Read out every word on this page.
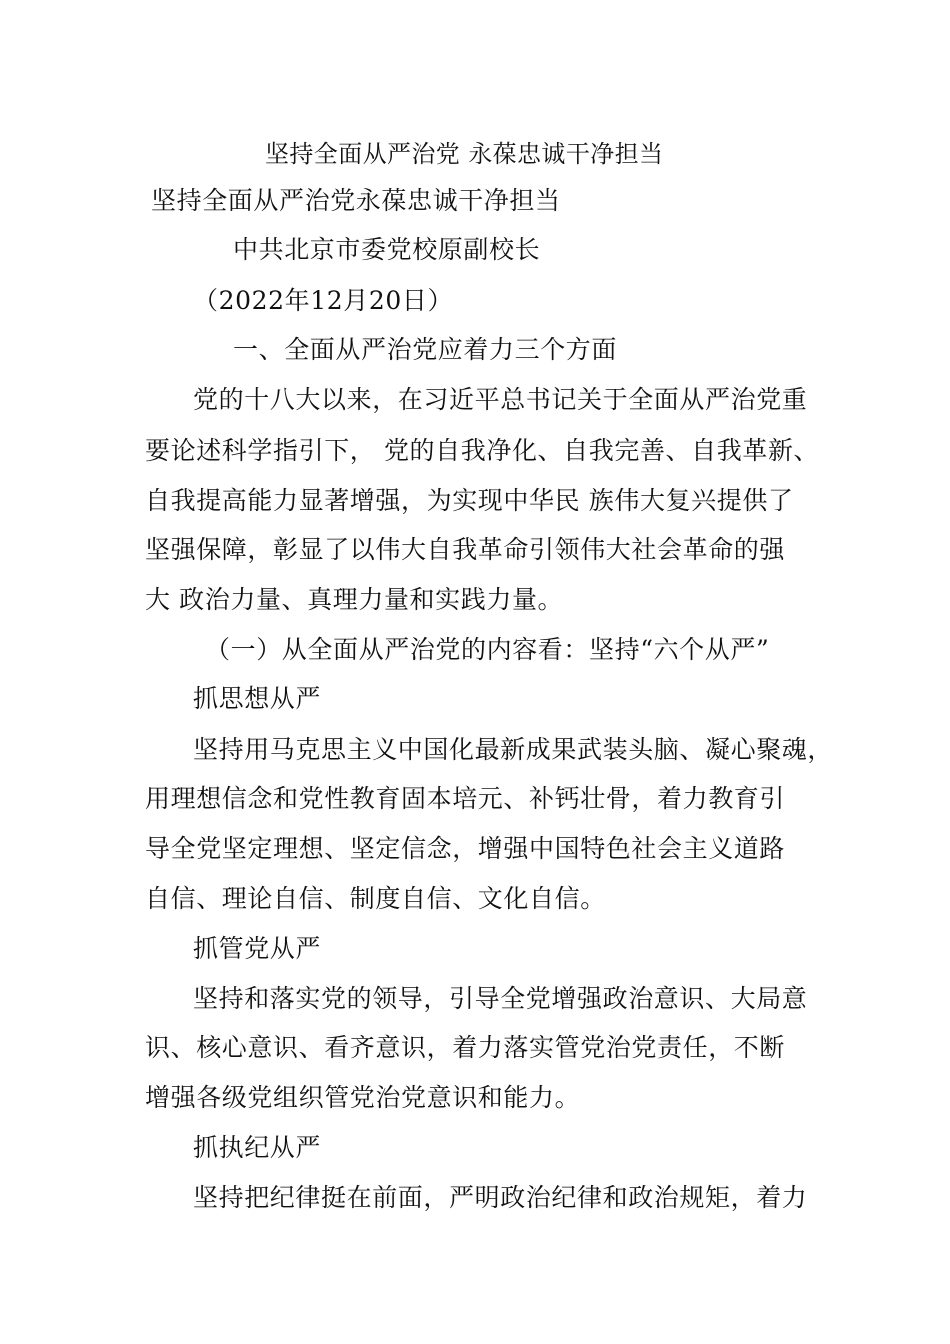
坚持全面从严治党 永葆忠诚干净担当
坚持全面从严治党永葆忠诚干净担当
中共北京市委党校原副校长
（2022年12月20日）
一、全面从严治党应着力三个方面
党的十八大以来，在习近平总书记关于全面从严治党重
要论述科学指引下， 党的自我净化、自我完善、自我革新、
自我提高能力显著增强，为实现中华民 族伟大复兴提供了
坚强保障，彰显了以伟大自我革命引领伟大社会革命的强
大 政治力量、真理力量和实践力量。
（一）从全面从严治党的内容看：坚持“六个从严”
抓思想从严
坚持用马克思主义中国化最新成果武装头脑、凝心聚魂，
用理想信念和党性教育固本培元、补钙壮骨，着力教育引
导全党坚定理想、坚定信念，增强中国特色社会主义道路
自信、理论自信、制度自信、文化自信。
抓管党从严
坚持和落实党的领导，引导全党增强政治意识、大局意
识、核心意识、看齐意识，着力落实管党治党责任，不断
增强各级党组织管党治党意识和能力。
抓执纪从严
坚持把纪律挺在前面，严明政治纪律和政治规矩，着力
